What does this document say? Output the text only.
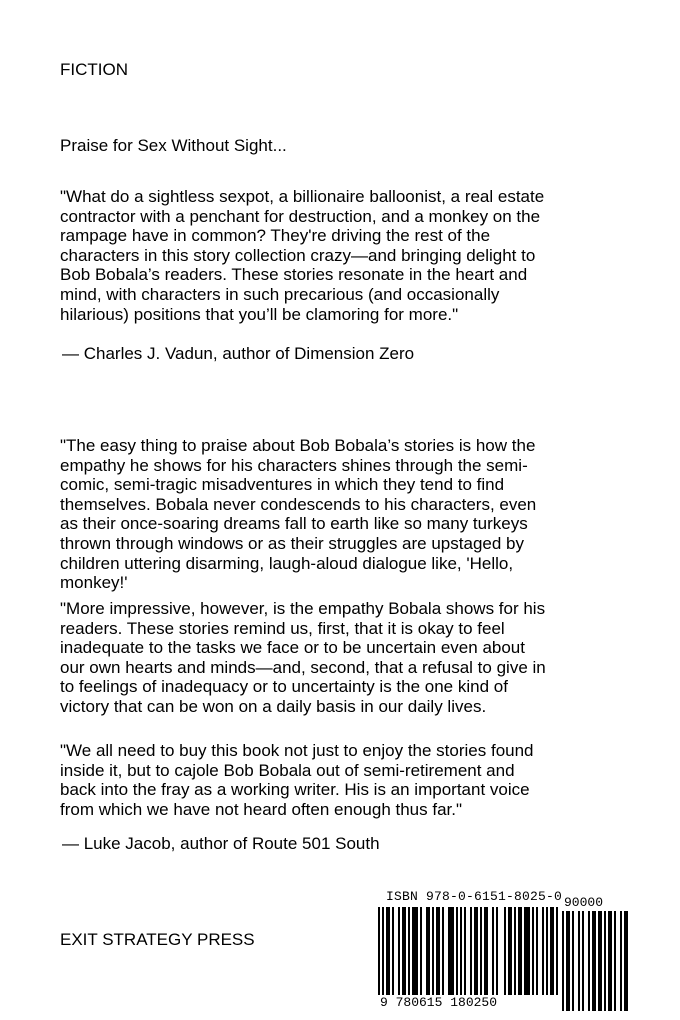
FICTION

Praise for Sex Without Sight...

"What do a sightless sexpot, a billionaire balloonist, a real estate
contractor with a penchant for destruction, and a monkey on the
rampage have in common? They're driving the rest of the
characters in this story collection crazy—and bringing delight to
Bob Bobala’s readers. These stories resonate in the heart and
mind, with characters in such precarious (and occasionally
hilarious) positions that you’ll be clamoring for more."

— Charles J. Vadun, author of Dimension Zero

"The easy thing to praise about Bob Bobala’s stories is how the
empathy he shows for his characters shines through the semi-
comic, semi-tragic misadventures in which they tend to find
themselves. Bobala never condescends to his characters, even
as their once-soaring dreams fall to earth like so many turkeys
thrown through windows or as their struggles are upstaged by
children uttering disarming, laugh-aloud dialogue like, 'Hello,
monkey!'
"More impressive, however, is the empathy Bobala shows for his
readers. These stories remind us, first, that it is okay to feel
inadequate to the tasks we face or to be uncertain even about
our own hearts and minds—and, second, that a refusal to give in
to feelings of inadequacy or to uncertainty is the one kind of
victory that can be won on a daily basis in our daily lives.
"We all need to buy this book not just to enjoy the stories found
inside it, but to cajole Bob Bobala out of semi-retirement and
back into the fray as a working writer. His is an important voice
from which we have not heard often enough thus far."

— Luke Jacob, author of Route 501 South

EXIT STRATEGY PRESS

ISBN 978-0-6151-8025-0 90000
9 780615 180250
